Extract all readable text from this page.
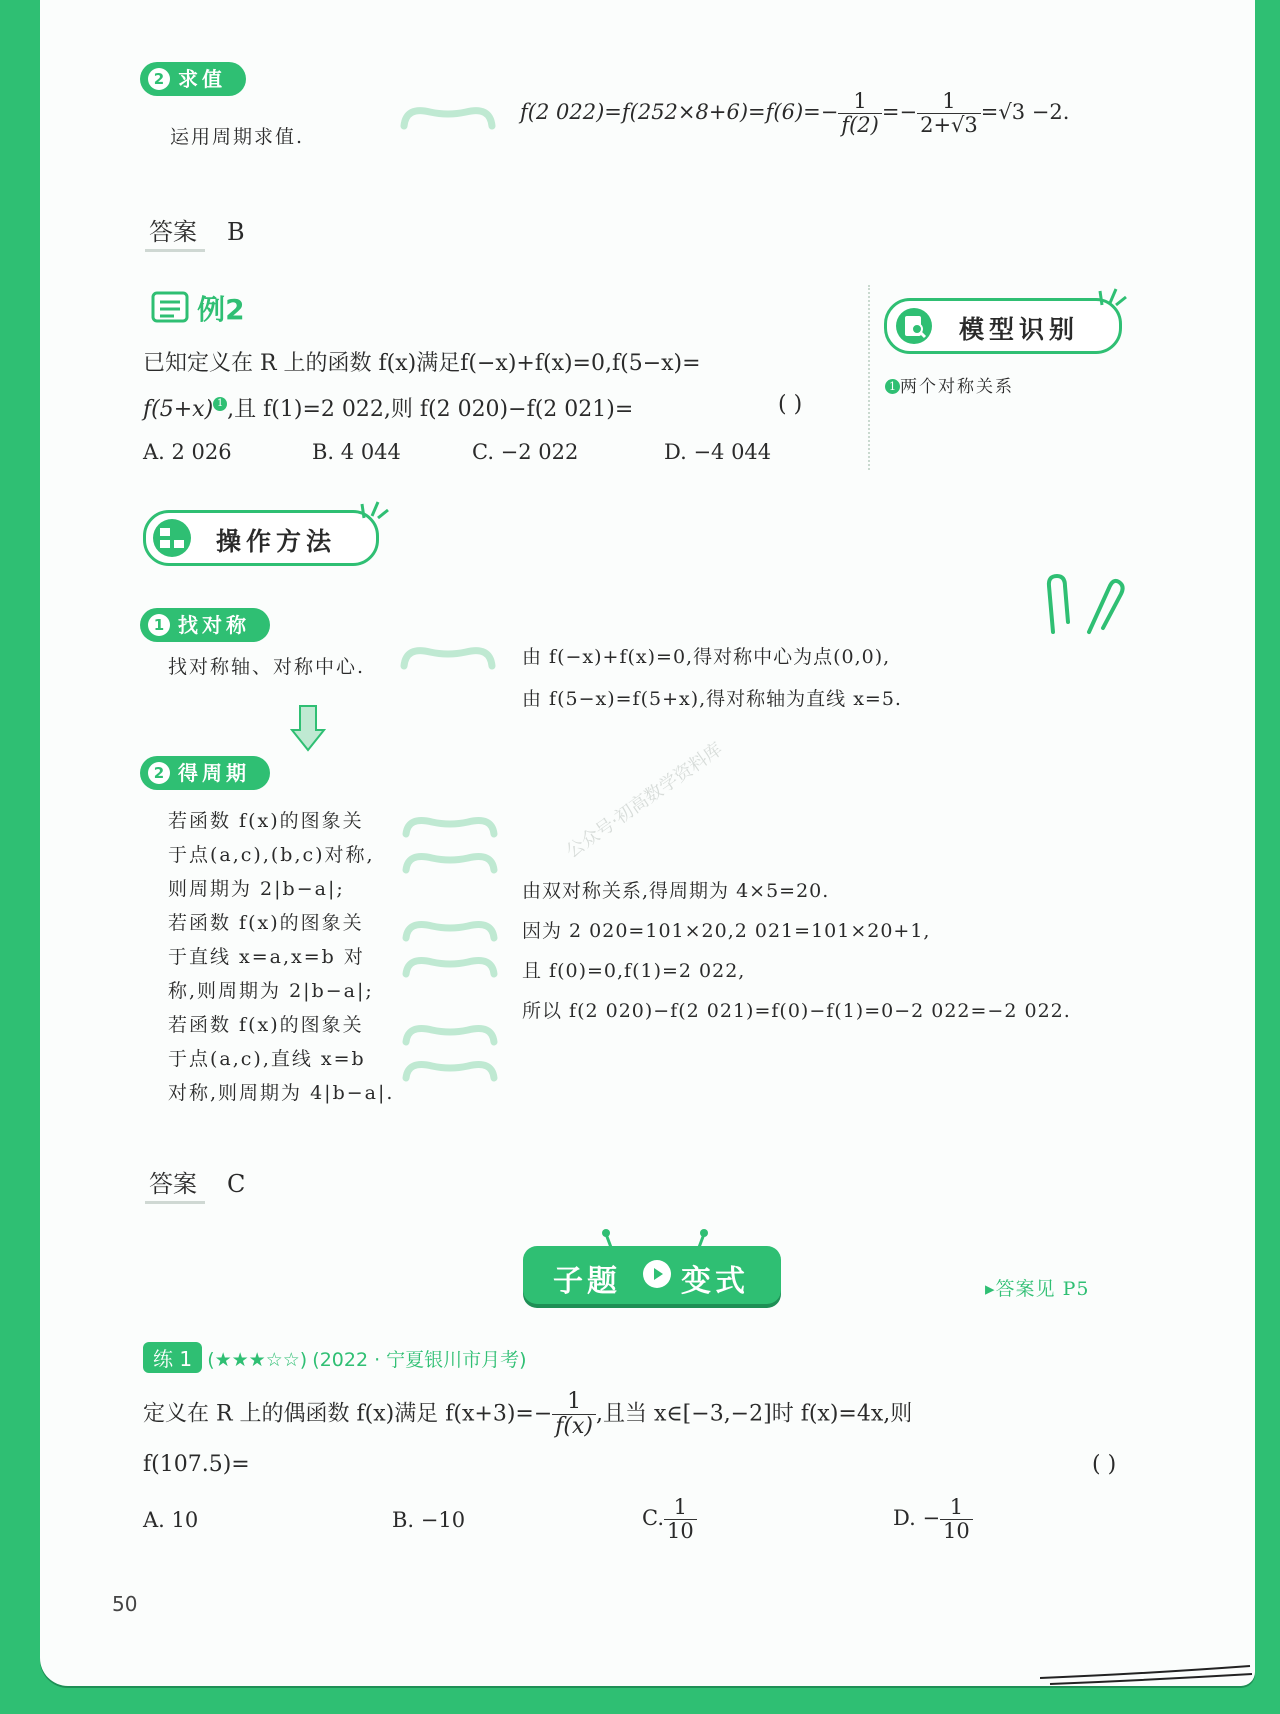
2 求值
运用周期求值.
f(2 $022)=f(252\times 8+6)=f(6)=- \frac{1}{f(2)} =- \frac{1}{2+√3} =√3 -2$.
答案 B
例2
已知定义在 R 上的函数 f(x)满足f(−x)+f(x)=0,f(5−x)=
f(5+x) $^1$ ,且 f(1)=2 022,则 f(2 020)−f(2 021)=	( )
A. 2 026	B. 4 044	C. −2 022	D. −4 044
模型识别
1 两个对称关系
操作方法
1 找对称
找对称轴、对称中心.	由 f(−x)+f(x)=0,得对称中心为点(0,0),
由 f(5−x)=f(5+x),得对称轴为直线 x=5.
2 得周期
若函数 f(x)的图象关
于点(a,c),(b,c)对称,
则周期为 2|b−a|;
若函数 f(x)的图象关
于直线 x=a,x=b 对
称,则周期为 2|b−a|;
若函数 f(x)的图象关
于点(a,c),直线 x=b
对称,则周期为 4|b−a|.
由双对称关系,得周期为 4×5=20.
因为 2 020=101×20,2 021=101×20+1,
且 f(0)=0,f(1)=2 022,
所以 f(2 020)−f(2 021)=f(0)−f(1)=0−2 022=−2 022.
公众号·初高数学资料库
答案 C
子题 变式	▸答案见 P5
练 1 (★★★☆☆) (2022 · 宁夏银川市月考)
定义在 R 上的偶函数 f(x)满足 $f(x+3)=- \frac{1}{f(x)}$ ,且当 x∈[−3,−2]时 f(x)=4x,则
f(107.5)=	( )
A. 10	B. −10	C. $\frac{1}{10}$	D. − $\frac{1}{10}$
50
